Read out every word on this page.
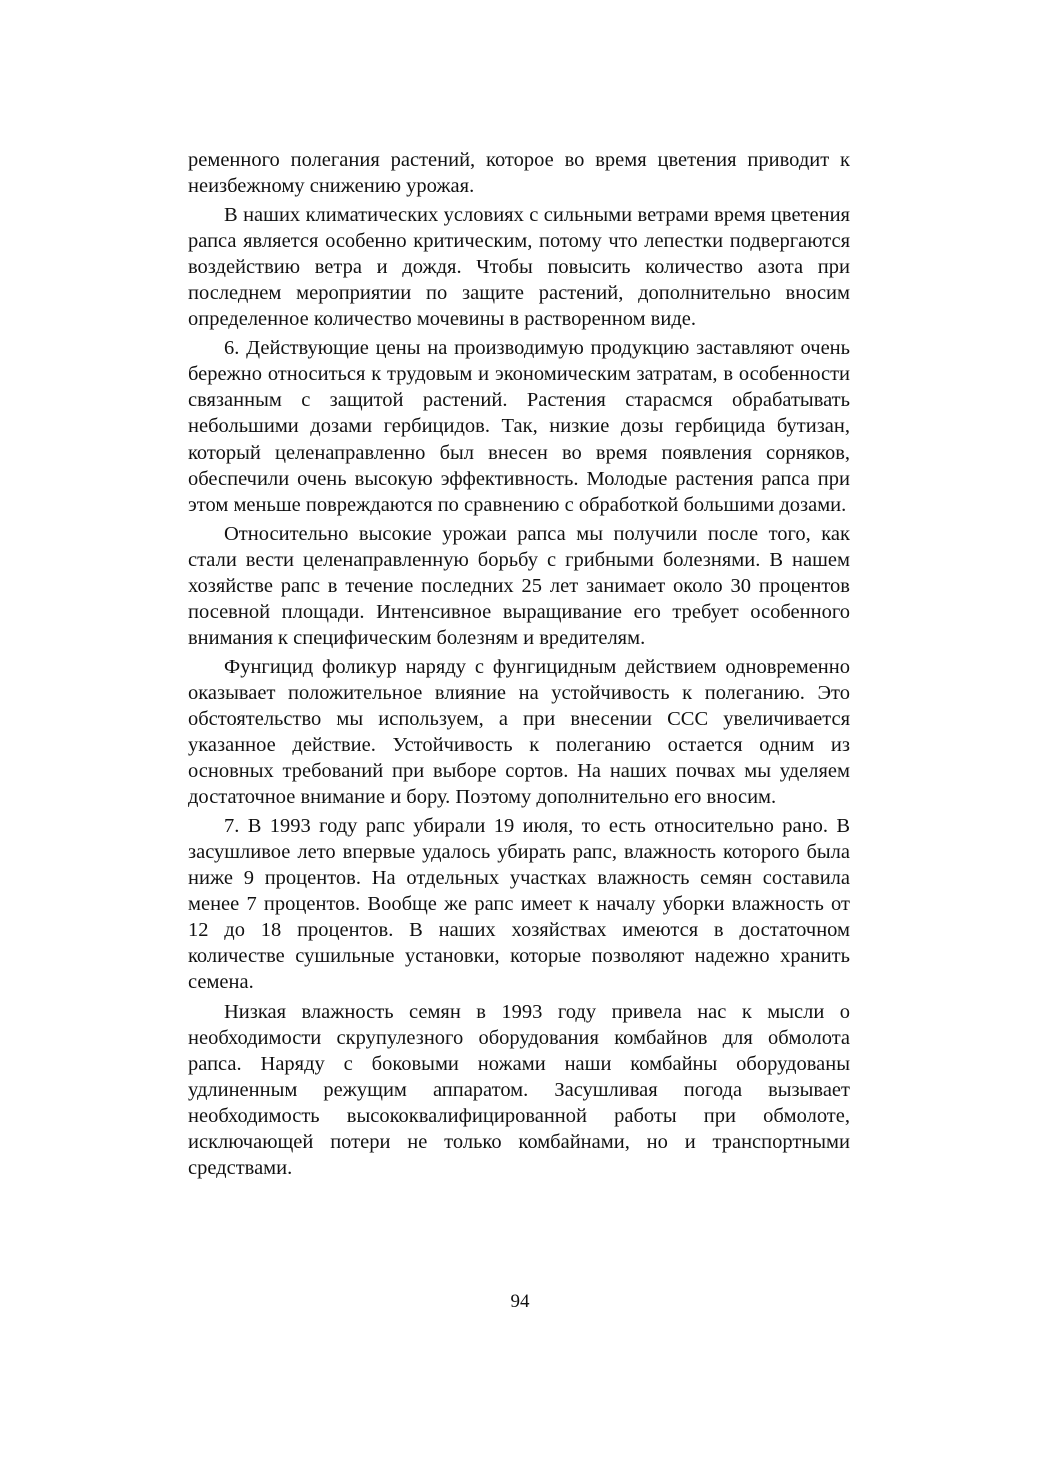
ременного полегания растений, которое во время цветения приводит к неизбежному снижению урожая.

В наших климатических условиях с сильными ветрами время цветения рапса является особенно критическим, потому что лепестки подвергаются воздействию ветра и дождя. Чтобы повысить количество азота при последнем мероприятии по защите растений, дополнительно вносим определенное количество мочевины в растворенном виде.

6. Действующие цены на производимую продукцию заставляют очень бережно относиться к трудовым и экономическим затратам, в особенности связанным с защитой растений. Растения старасмся обрабатывать небольшими дозами гербицидов. Так, низкие дозы гербицида бутизан, который целенаправленно был внесен во время появления сорняков, обеспечили очень высокую эффективность. Молодые растения рапса при этом меньше повреждаются по сравнению с обработкой большими дозами.

Относительно высокие урожаи рапса мы получили после того, как стали вести целенаправленную борьбу с грибными болезнями. В нашем хозяйстве рапс в течение последних 25 лет занимает около 30 процентов посевной площади. Интенсивное выращивание его требует особенного внимания к специфическим болезням и вредителям.

Фунгицид фоликур наряду с фунгицидным действием одновременно оказывает положительное влияние на устойчивость к полеганию. Это обстоятельство мы используем, а при внесении ССС увеличивается указанное действие. Устойчивость к полеганию остается одним из основных требований при выборе сортов. На наших почвах мы уделяем достаточное внимание и бору. Поэтому дополнительно его вносим.

7. В 1993 году рапс убирали 19 июля, то есть относительно рано. В засушливое лето впервые удалось убирать рапс, влажность которого была ниже 9 процентов. На отдельных участках влажность семян составила менее 7 процентов. Вообще же рапс имеет к началу уборки влажность от 12 до 18 процентов. В наших хозяйствах имеются в достаточном количестве сушильные установки, которые позволяют надежно хранить семена.

Низкая влажность семян в 1993 году привела нас к мысли о необходимости скрупулезного оборудования комбайнов для обмолота рапса. Наряду с боковыми ножами наши комбайны оборудованы удлиненным режущим аппаратом. Засушливая погода вызывает необходимость высококвалифицированной работы при обмолоте, исключающей потери не только комбайнами, но и транспортными средствами.

94
